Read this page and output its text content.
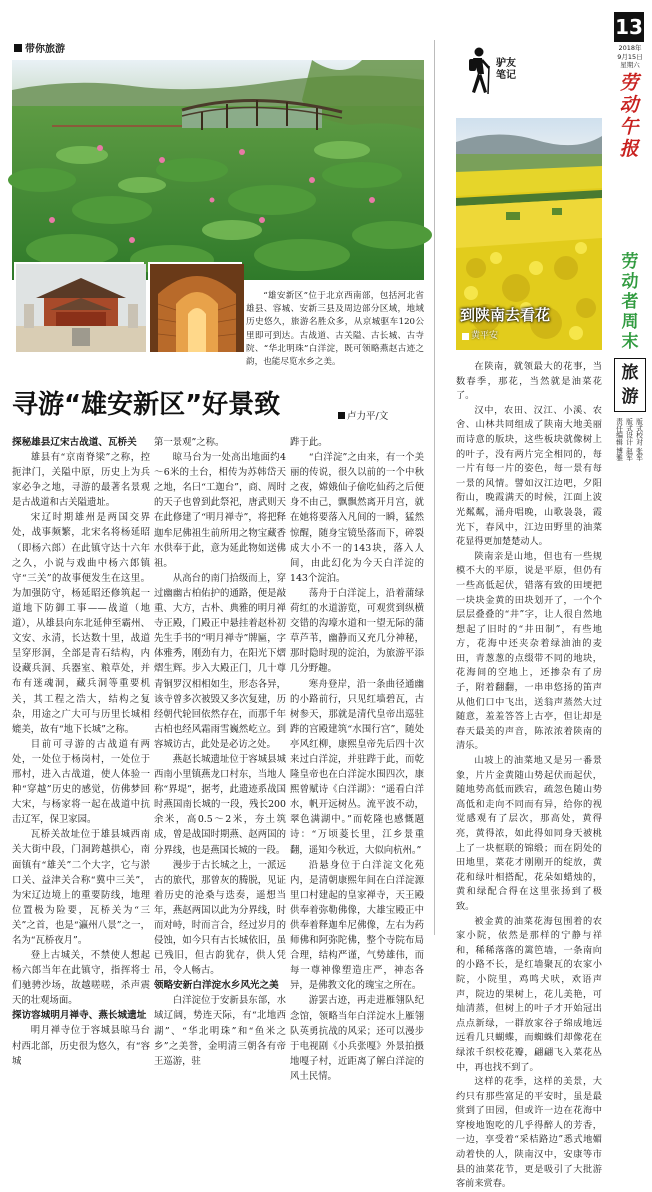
带你旅游
“雄安新区”位于北京西南部，包括河北省雄县、容城、安新三县及周边部分区域，地域历史悠久，旅游名胜众多，从京城驱车120公里即可到达。古战道、古关隘、古长城、古寺院、“华北明珠”白洋淀，既可领略燕赵古迹之韵，也能尽览水乡之美。
寻游“雄安新区”好景致	卢力平/文

探秘雄县辽宋古战道、瓦桥关

雄县有“京南脊梁”之称，控扼津门，关隘中原，历史上为兵家必争之地，寻游的最著名景观是古战道和古关隘遗址。

宋辽时期雄州是两国交界处，战事频繁，北宋名将杨延昭（即杨六郎）在此镇守达十六年之久，小说与戏曲中杨六郎镇守“三关”的故事便发生在这里。为加强防守，杨延昭还修筑起一道地下防御工事——战道（地道），从雄县向东北延伸至霸州、文安、永清，长达数十里，战道呈穿形洞，全部是青石结构，内设藏兵洞、兵器室、粮草处，并布有迷魂洞，藏兵洞等重要机关，其工程之浩大，结构之复杂，用途之广大可与历里长城相媲美，故有“地下长城”之称。

目前可寻游的古战道有两处，一处位于杨岗村，一处位于邢村，进入古战道，使人体验一种“穿越”历史的感觉，仿佛梦回大宋，与杨家将一起在战道中抗击辽军，保卫家园。

瓦桥关故址位于雄县城西南关大街中段，门洞跨越拱心，南面镇有“雄关”二个大字，它与淤口关、益津关合称“冀中三关”，为宋辽边境上的重要防线，地理位置极为险要，瓦桥关为“三关”之首，也是“瀛州八景”之一，名为“瓦桥夜月”。

登上古城关，不禁使人想起杨六郎当年在此镇守，指挥将士们驰骋沙场，故越嗟嗟，杀声震天的壮观场面。

探访容城明月禅寺、燕长城遗址

明月禅寺位于容城县晾马台村西北部，历史很为悠久，有“容城

第一景观”之称。

晾马台为一处高出地面约4～6米的土台，相传为苏韩岱天之地，名曰“工迦台”，商、周时的天子也曾到此祭祀，唐武则天在此修建了“明月禅寺”，将把释迦牟尼佛祖生前所用之物宝藏香水供奉于此，意为延此物如送佛祖。

从高台的南门拾级而上，穿过幽幽古柏佑护的通路，便是敲重、大方，古朴、典雅的明月禅寺正殿，门殿正中悬挂着赵朴初先生手书的“明月禅寺”牌匾，字体雅秀，刚劲有力，在阳光下熠熠生辉。步入大殿正门，几十尊青铜罗汉相相如生，形态各异，该寺曾多次被毁又多次复建，历经朝代轮回依然存在，而那千年古柏也经风霜雨雪巍然屹立。到容城访古，此处是必访之处。

燕赵长城遗址位于容城县城西南小里镇燕龙口村东，当地人称“界堤”，据考，此遗迹系战国时燕国南长城的一段，残长200余米，高0.5～2米，夯土筑成，曾是战国时期燕、赵两国的分界线，也是燕国长城的一段。

漫步于古长城之上，一派远古的旅代，那曾灰的腾脱，见证着历史的沧桑与迭奏，遥想当年，燕赵两国以此为分界线，时而对峙，时而言合，经过岁月的侵蚀，如今只有古长城依旧，虽已残旧，但古韵犹存，供人凭吊，令人畅古。

领略安新白洋淀水乡风光之美

白洋淀位于安新县东部，水域辽阔，势连天际，有“北地西湖”、“华北明珠”和“鱼米之乡”之美誉，金明清三朝各有帝王巡游，驻

跸于此。

“白洋淀”之由来，有一个美丽的传说，很久以前的一个中秋之夜，嫦娥仙子偷吃仙药之后便身不由己，飘飘然离开月宫，就在她将要落入凡间的一瞬，猛然惊醒，随身宝镜坠落而下，碎裂成大小不一的143块，落入人间，由此幻化为今天白洋淀的143个淀泊。

荡舟于白洋淀上，沿着蒲绿荷红的水道游览，可观赏到纵横交错的沟壕水道和一望无际的蒲草芦苇，幽静而又充几分神秘，那时隐时现的淀泊，为旅游平添几分野趣。

寒舟登岸，沿一条曲径通幽的小路前行，只见红墙碧瓦，古树参天，那就是清代皇帝出巡驻跸的宫殿建筑“水围行宫”，随处亭风红柳，康熙皇帝先后四十次来过白洋淀，并驻跸于此，而乾隆皇帝也在白洋淀水围四次，康熙曾赋诗《白洋湖》：“遥看白洋水，帆开远树丛。流平波不动，翠色满湖中。”而乾隆也感慨题诗：“万顷菱长里，江乡景重翻，遥知今秋近，大似向杭州。”

沿悬身位于白洋淀文化苑内，是清朝康熙年间在白洋淀源里口村建起的皇家禅寺，天王殿供奉着弥勒佛像，大雄宝殿正中供奉着释迦牟尼佛像，左右为药师佛和阿弥陀佛，整个寺院布局合理，结构严谨，气势雄伟，而每一尊神像塑造庄严，神态各异，是佛教文化的瑰宝之所在。

游罢古迹，再走进雁翎队纪念馆，领略当年白洋淀水上雁翎队英勇抗战的风采；还可以漫步于电视剧《小兵张嘎》外景拍摄地嘎子村，近距离了解白洋淀的风土民情。

驴友笔记
到陕南去看花
黄平安

在陕南，就领最大的花事，当数春季，那花，当然就是油菜花了。

汉中，农田、汉江、小溪、农舍、山林共同组成了陕南大地美丽而诗意的版块，这些板块就像树上的叶子，没有两片完全相同的，每一片有每一片的姿色，每一景有每一景的风情。譬如汉江边吧，夕阳衔山，晚霞满天的时候，江面上波光粼粼，涌舟唱晚，山歌袅袅，霞光下，春风中，江边田野里的油菜花显得更加楚楚动人。

陕南亲是山地，但也有一些规模不大的平原，说是平原，但仍有一些高低起伏，错落有致的田埂把一块块金黄的田块划开了，一个个层层叠叠的“井”字，让人很自然地想起了旧时的“井田制”，有些地方，花海中还夹杂着绿油油的麦田，青葱葱的点缀带不同的地块，花海间的空地上，还掺杂有了房子，附着翻翻，一串串悠扬的笛声从他们口中飞出，送翁声蒸然大过随意，羞羞答答上古亭，但让却是春天最美的声音，陈浓浓着陕南的清乐。

山坡上的油菜地又是另一番景象，片片金黄随山势起伏而起伏，随地势高低而跌宕，疏忽色随山势高低和走向不同而有异，给你的视觉感观有了层次，那高处，黄得亮，黄得浓，如此得如同身天被桃上了一块框联的锦缎；而在阴处的田地里，菜花才刚刚开的绽放，黄花和绿叶相搭配，花朵如蜡烛的，黄和绿配合得在这里张扬到了极致。

被金黄的油菜花海包围着的农家小院，依然是那样的宁静与祥和，稀稀落落的篱笆墙，一条南向的小路不长，是红墙聚瓦的农家小院，小院里，鸡鸣犬吠，欢语声声，院边的果树上，花儿美艳，可灿清蒸，但树上的叶子才开始冠出点点新绿，一群放家谷子绵成地远远看几只蝴蝶，而蜘蛛们却像花在绿浓千织校花瓣，翩翩飞入菜花丛中，再也找不到了。

这样的花季，这样的美景，大约只有那些富足的平安时，虽是最赏到了田园，但或许一边在花海中穿梭地饱吃的几乎得醉人的芳香，一边，享受着“采桔路边”悉式地媚动着快的人，陕南汉中，安康等市县的油菜花节，更是吸引了大批游客前来赏春。

13
2018年
9月15日
星期六
劳动午报
劳动者周末
旅游
责任编辑 博雅 版式设计 赵军 版式校对 张军
